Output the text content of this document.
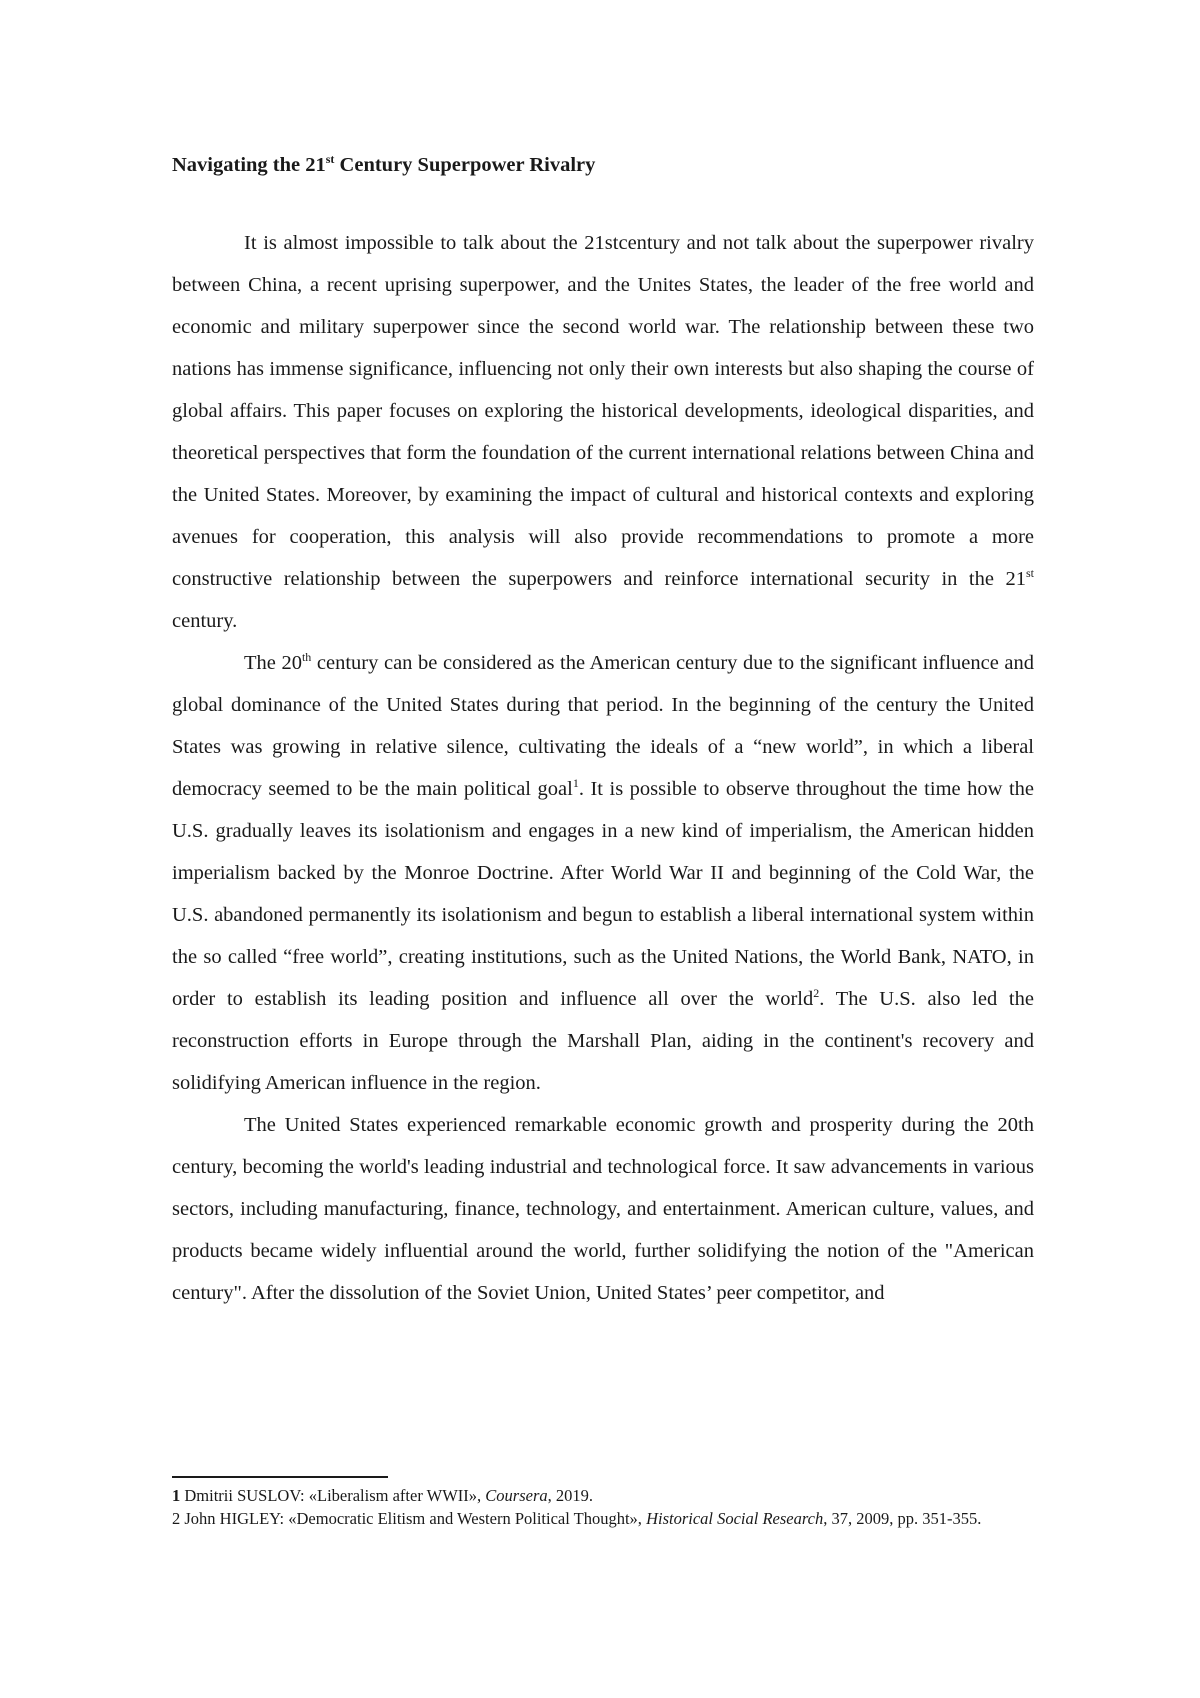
Navigating the 21st Century Superpower Rivalry

It is almost impossible to talk about the 21stcentury and not talk about the superpower rivalry between China, a recent uprising superpower, and the Unites States, the leader of the free world and economic and military superpower since the second world war. The relationship between these two nations has immense significance, influencing not only their own interests but also shaping the course of global affairs. This paper focuses on exploring the historical developments, ideological disparities, and theoretical perspectives that form the foundation of the current international relations between China and the United States. Moreover, by examining the impact of cultural and historical contexts and exploring avenues for cooperation, this analysis will also provide recommendations to promote a more constructive relationship between the superpowers and reinforce international security in the 21st century.

The 20th century can be considered as the American century due to the significant influence and global dominance of the United States during that period. In the beginning of the century the United States was growing in relative silence, cultivating the ideals of a “new world”, in which a liberal democracy seemed to be the main political goal$^1$. It is possible to observe throughout the time how the U.S. gradually leaves its isolationism and engages in a new kind of imperialism, the American hidden imperialism backed by the Monroe Doctrine. After World War II and beginning of the Cold War, the U.S. abandoned permanently its isolationism and begun to establish a liberal international system within the so called “free world”, creating institutions, such as the United Nations, the World Bank, NATO, in order to establish its leading position and influence all over the world$^2$. The U.S. also led the reconstruction efforts in Europe through the Marshall Plan, aiding in the continent's recovery and solidifying American influence in the region.

The United States experienced remarkable economic growth and prosperity during the 20th century, becoming the world's leading industrial and technological force. It saw advancements in various sectors, including manufacturing, finance, technology, and entertainment. American culture, values, and products became widely influential around the world, further solidifying the notion of the "American century". After the dissolution of the Soviet Union, United States’ peer competitor, and

1 Dmitrii SUSLOV: «Liberalism after WWII», Coursera, 2019.

2 John HIGLEY: «Democratic Elitism and Western Political Thought», Historical Social Research, 37, 2009, pp. 351-355.
